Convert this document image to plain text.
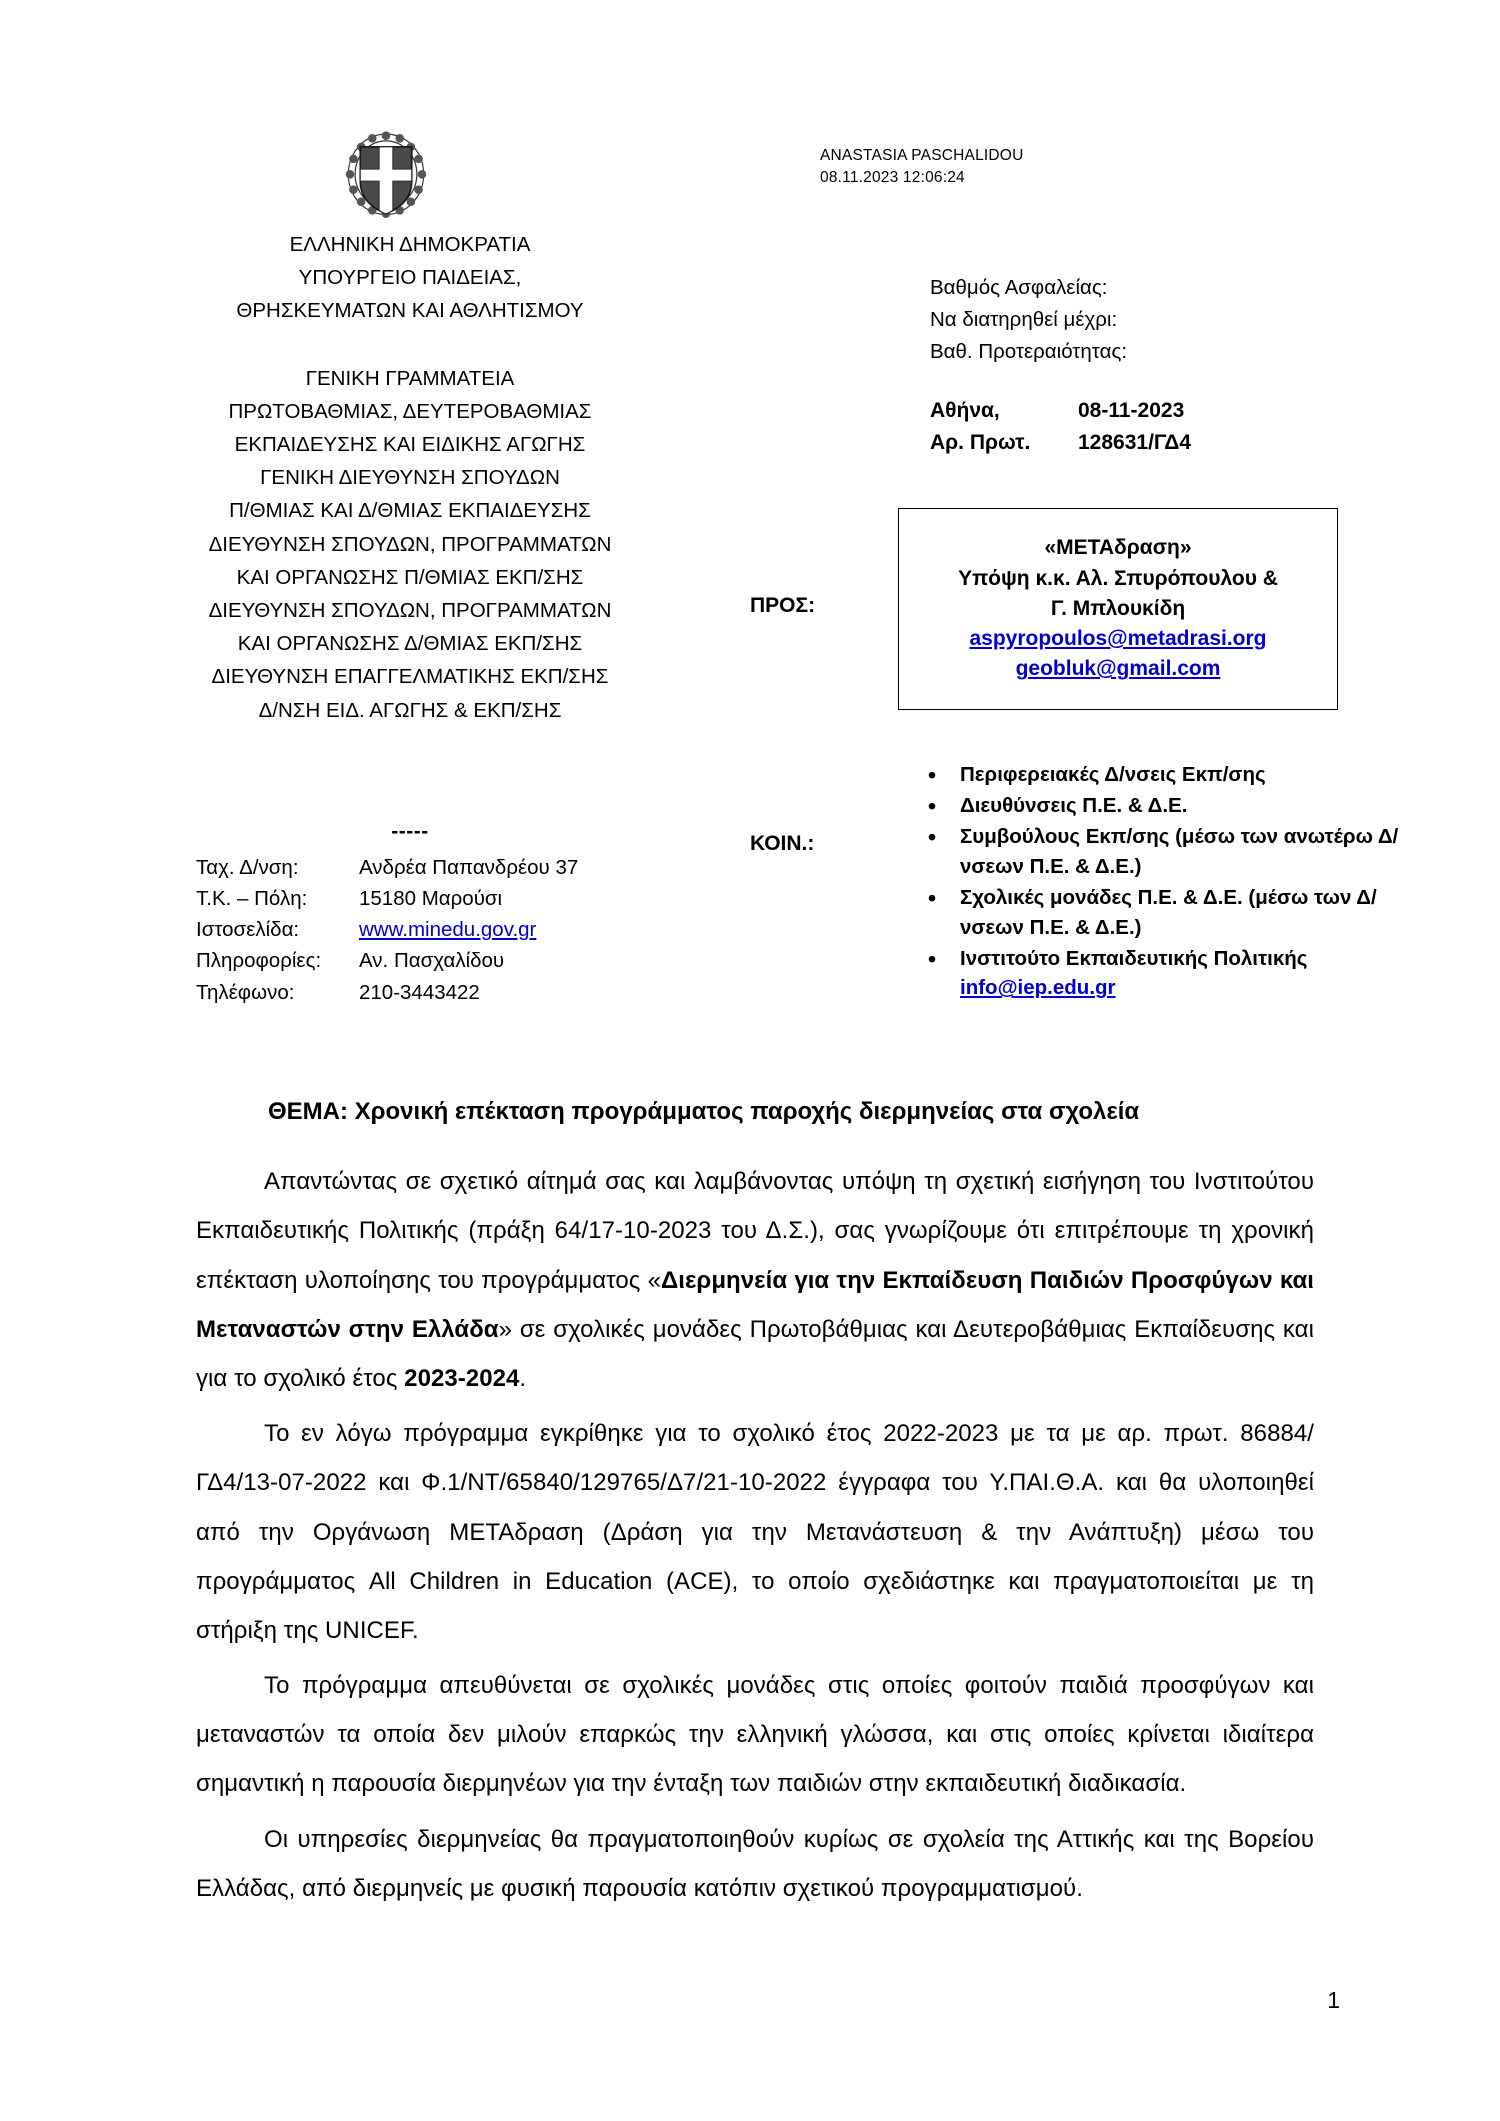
ANASTASIA PASCHALIDOU
08.11.2023 12:06:24
ΕΛΛΗΝΙΚΗ ΔΗΜΟΚΡΑΤΙΑ
ΥΠΟΥΡΓΕΙΟ ΠΑΙΔΕΙΑΣ,
ΘΡΗΣΚΕΥΜΑΤΩΝ ΚΑΙ ΑΘΛΗΤΙΣΜΟΥ
ΓΕΝΙΚΗ ΓΡΑΜΜΑΤΕΙΑ
ΠΡΩΤΟΒΑΘΜΙΑΣ, ΔΕΥΤΕΡΟΒΑΘΜΙΑΣ
ΕΚΠΑΙΔΕΥΣΗΣ ΚΑΙ ΕΙΔΙΚΗΣ ΑΓΩΓΗΣ
ΓΕΝΙΚΗ ΔΙΕΥΘΥΝΣΗ ΣΠΟΥΔΩΝ
Π/ΘΜΙΑΣ ΚΑΙ Δ/ΘΜΙΑΣ ΕΚΠΑΙΔΕΥΣΗΣ
ΔΙΕΥΘΥΝΣΗ ΣΠΟΥΔΩΝ, ΠΡΟΓΡΑΜΜΑΤΩΝ
ΚΑΙ ΟΡΓΑΝΩΣΗΣ Π/ΘΜΙΑΣ ΕΚΠ/ΣΗΣ
ΔΙΕΥΘΥΝΣΗ ΣΠΟΥΔΩΝ, ΠΡΟΓΡΑΜΜΑΤΩΝ
ΚΑΙ ΟΡΓΑΝΩΣΗΣ Δ/ΘΜΙΑΣ ΕΚΠ/ΣΗΣ
ΔΙΕΥΘΥΝΣΗ ΕΠΑΓΓΕΛΜΑΤΙΚΗΣ ΕΚΠ/ΣΗΣ
Δ/ΝΣΗ ΕΙΔ. ΑΓΩΓΗΣ & ΕΚΠ/ΣΗΣ
-----
Ταχ. Δ/νση:	Ανδρέα Παπανδρέου 37
Τ.Κ. – Πόλη:	15180 Μαρούσι
Ιστοσελίδα:	www.minedu.gov.gr
Πληροφορίες:	Αν. Πασχαλίδου
Τηλέφωνο:	210-3443422
Βαθμός Ασφαλείας:
Να διατηρηθεί μέχρι:
Βαθ. Προτεραιότητας:
Αθήνα,	08-11-2023
Αρ. Πρωτ.	128631/ΓΔ4
ΠΡΟΣ:
«ΜΕΤΑδραση»
Υπόψη κ.κ. Αλ. Σπυρόπουλου &
Γ. Μπλουκίδη
aspyropoulos@metadrasi.org
geobluk@gmail.com
ΚΟΙΝ.:
• Περιφερειακές Δ/νσεις Εκπ/σης
• Διευθύνσεις Π.Ε. & Δ.Ε.
• Συμβούλους Εκπ/σης (μέσω των ανωτέρω Δ/νσεων Π.Ε. & Δ.Ε.)
• Σχολικές μονάδες Π.Ε. & Δ.Ε. (μέσω των Δ/νσεων Π.Ε. & Δ.Ε.)
• Ινστιτούτο Εκπαιδευτικής Πολιτικής
info@iep.edu.gr
ΘΕΜΑ: Χρονική επέκταση προγράμματος παροχής διερμηνείας στα σχολεία

Απαντώντας σε σχετικό αίτημά σας και λαμβάνοντας υπόψη τη σχετική εισήγηση του Ινστιτούτου Εκπαιδευτικής Πολιτικής (πράξη 64/17-10-2023 του Δ.Σ.), σας γνωρίζουμε ότι επιτρέπουμε τη χρονική επέκταση υλοποίησης του προγράμματος «Διερμηνεία για την Εκπαίδευση Παιδιών Προσφύγων και Μεταναστών στην Ελλάδα» σε σχολικές μονάδες Πρωτοβάθμιας και Δευτεροβάθμιας Εκπαίδευσης και για το σχολικό έτος 2023-2024.

Το εν λόγω πρόγραμμα εγκρίθηκε για το σχολικό έτος 2022-2023 με τα με αρ. πρωτ. 86884/ΓΔ4/13-07-2022 και Φ.1/ΝΤ/65840/129765/Δ7/21-10-2022 έγγραφα του Υ.ΠΑΙ.Θ.Α. και θα υλοποιηθεί από την Οργάνωση ΜΕΤΑδραση (Δράση για την Μετανάστευση & την Ανάπτυξη) μέσω του προγράμματος All Children in Education (ACE), το οποίο σχεδιάστηκε και πραγματοποιείται με τη στήριξη της UNICEF.

Το πρόγραμμα απευθύνεται σε σχολικές μονάδες στις οποίες φοιτούν παιδιά προσφύγων και μεταναστών τα οποία δεν μιλούν επαρκώς την ελληνική γλώσσα, και στις οποίες κρίνεται ιδιαίτερα σημαντική η παρουσία διερμηνέων για την ένταξη των παιδιών στην εκπαιδευτική διαδικασία.

Οι υπηρεσίες διερμηνείας θα πραγματοποιηθούν κυρίως σε σχολεία της Αττικής και της Βορείου Ελλάδας, από διερμηνείς με φυσική παρουσία κατόπιν σχετικού προγραμματισμού.

1
